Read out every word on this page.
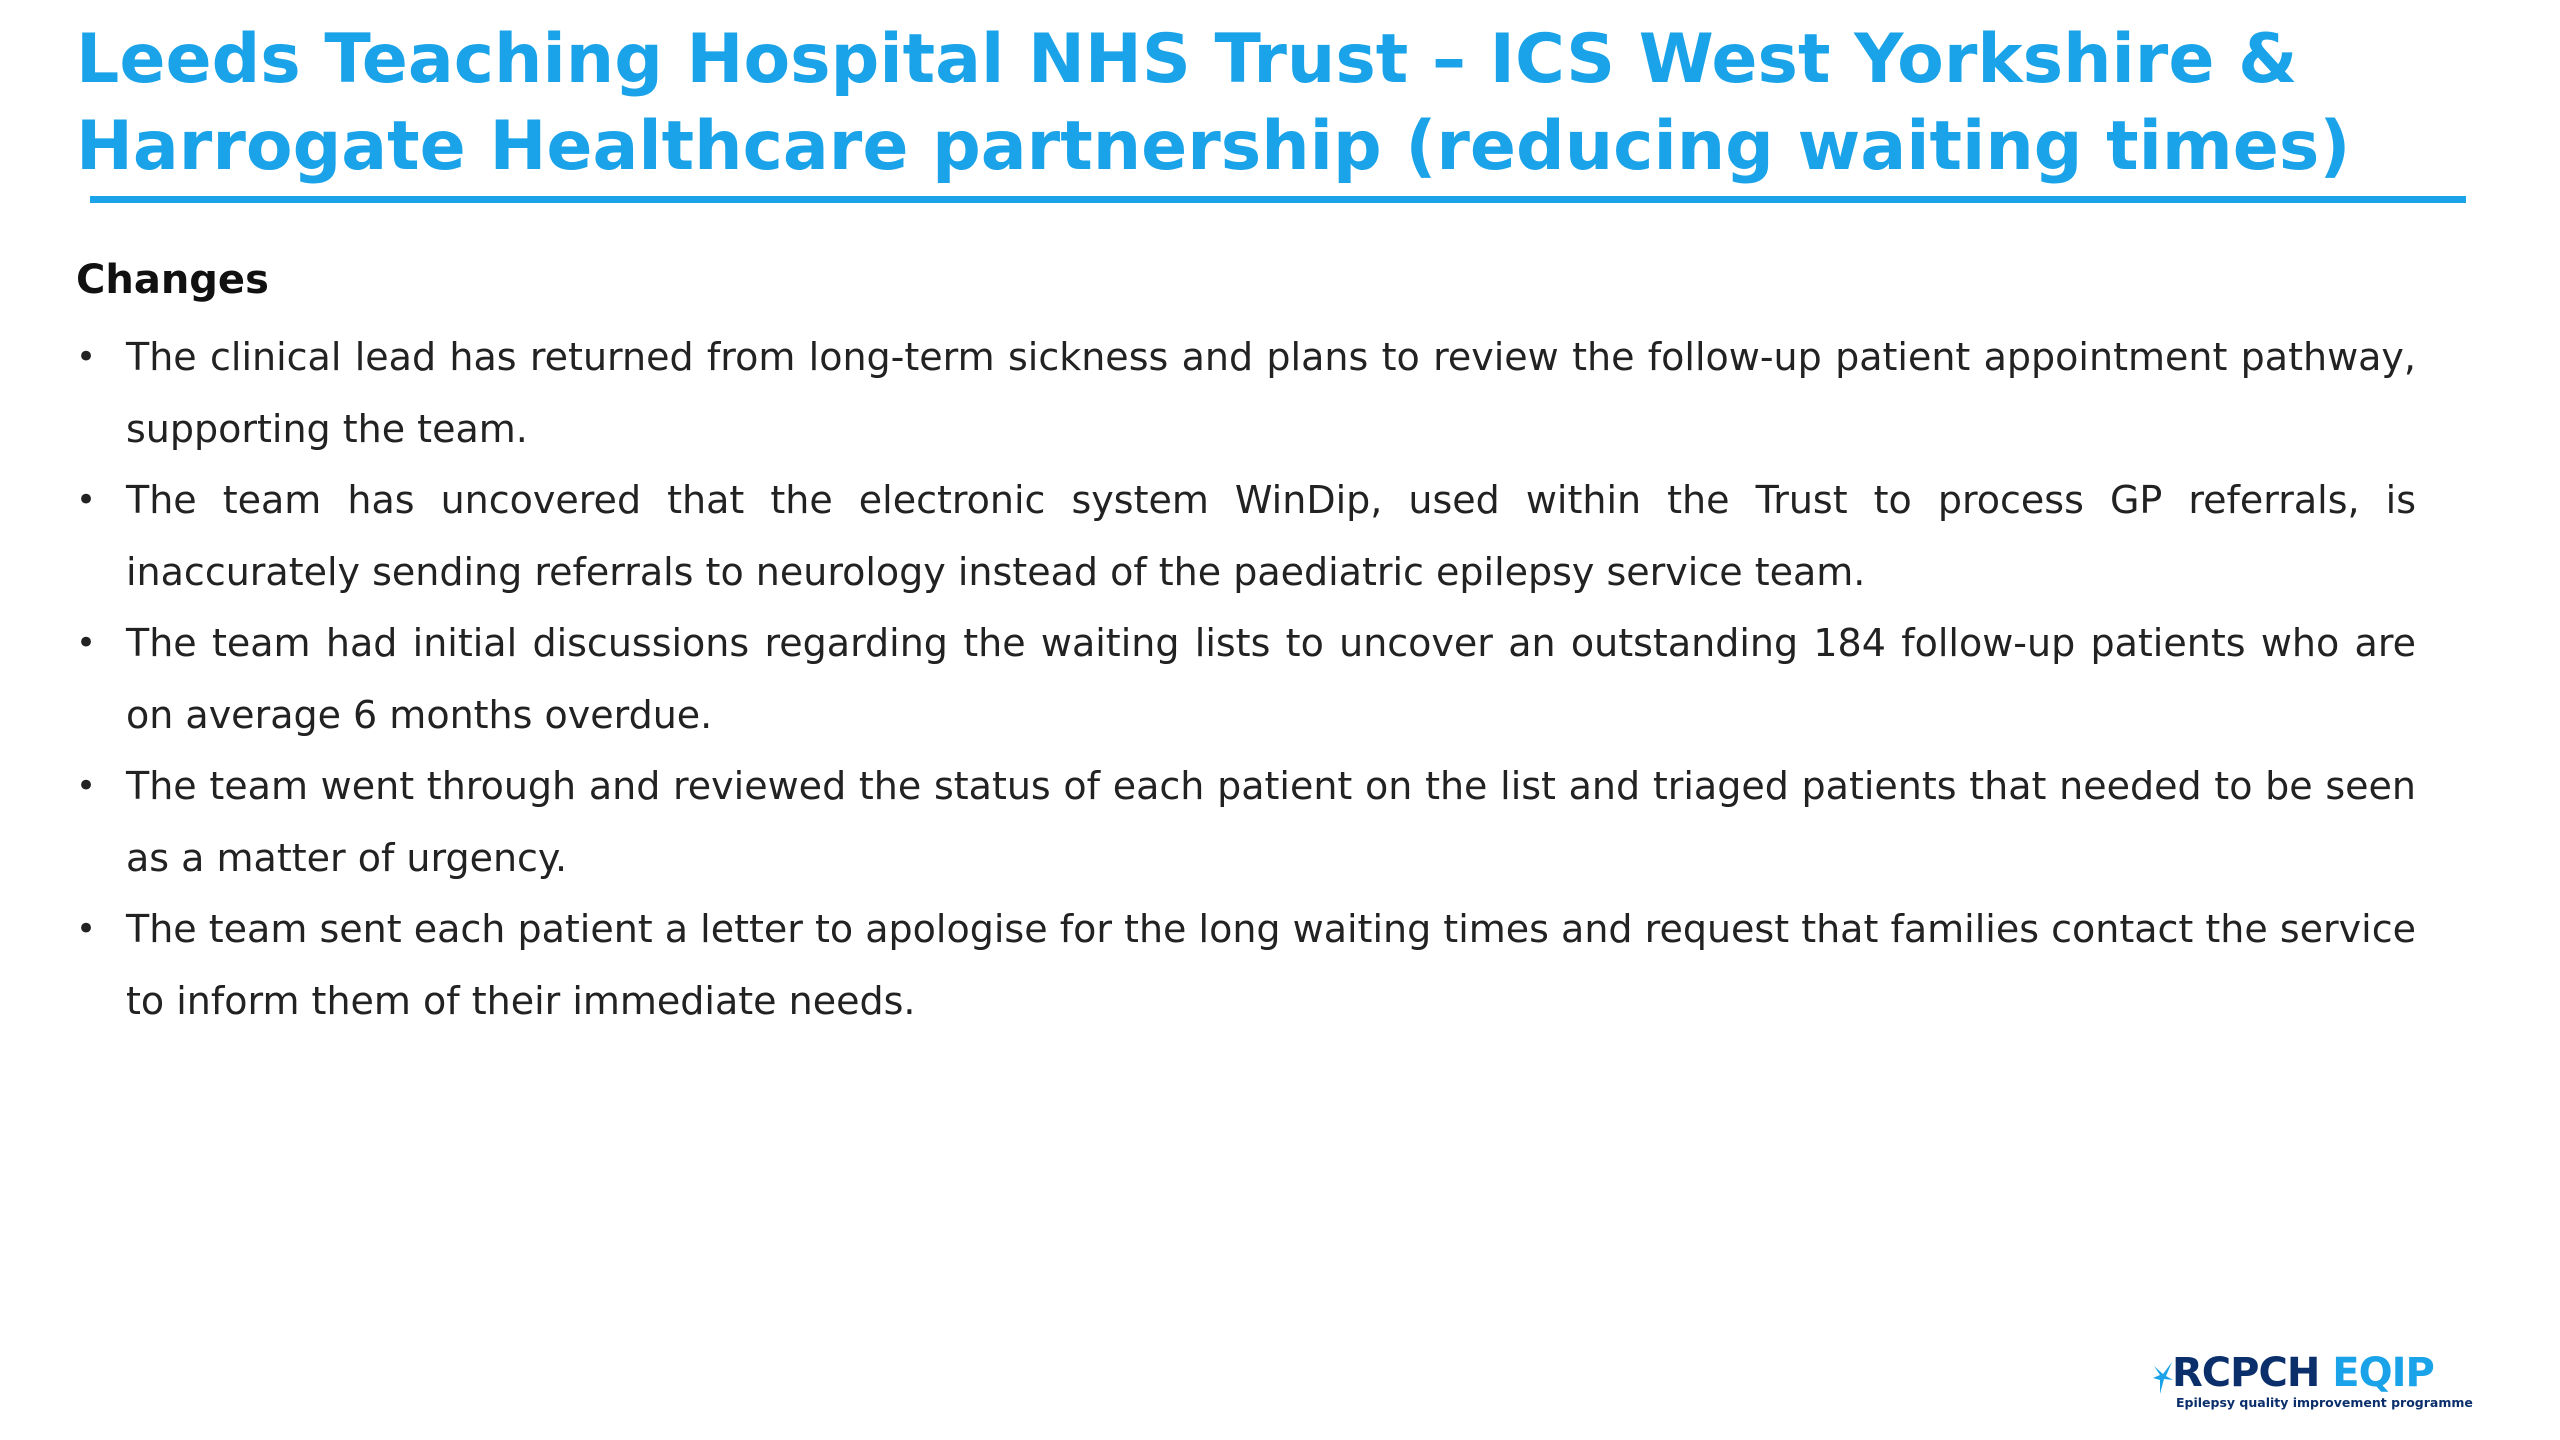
Leeds Teaching Hospital NHS Trust – ICS West Yorkshire & Harrogate Healthcare partnership (reducing waiting times)
Changes
• The clinical lead has returned from long-term sickness and plans to review the follow-up patient appointment pathway, supporting the team.
• The team has uncovered that the electronic system WinDip, used within the Trust to process GP referrals, is inaccurately sending referrals to neurology instead of the paediatric epilepsy service team.
• The team had initial discussions regarding the waiting lists to uncover an outstanding 184 follow-up patients who are on average 6 months overdue.
• The team went through and reviewed the status of each patient on the list and triaged patients that needed to be seen as a matter of urgency.
• The team sent each patient a letter to apologise for the long waiting times and request that families contact the service to inform them of their immediate needs.
RCPCH EQIP
Epilepsy quality improvement programme
